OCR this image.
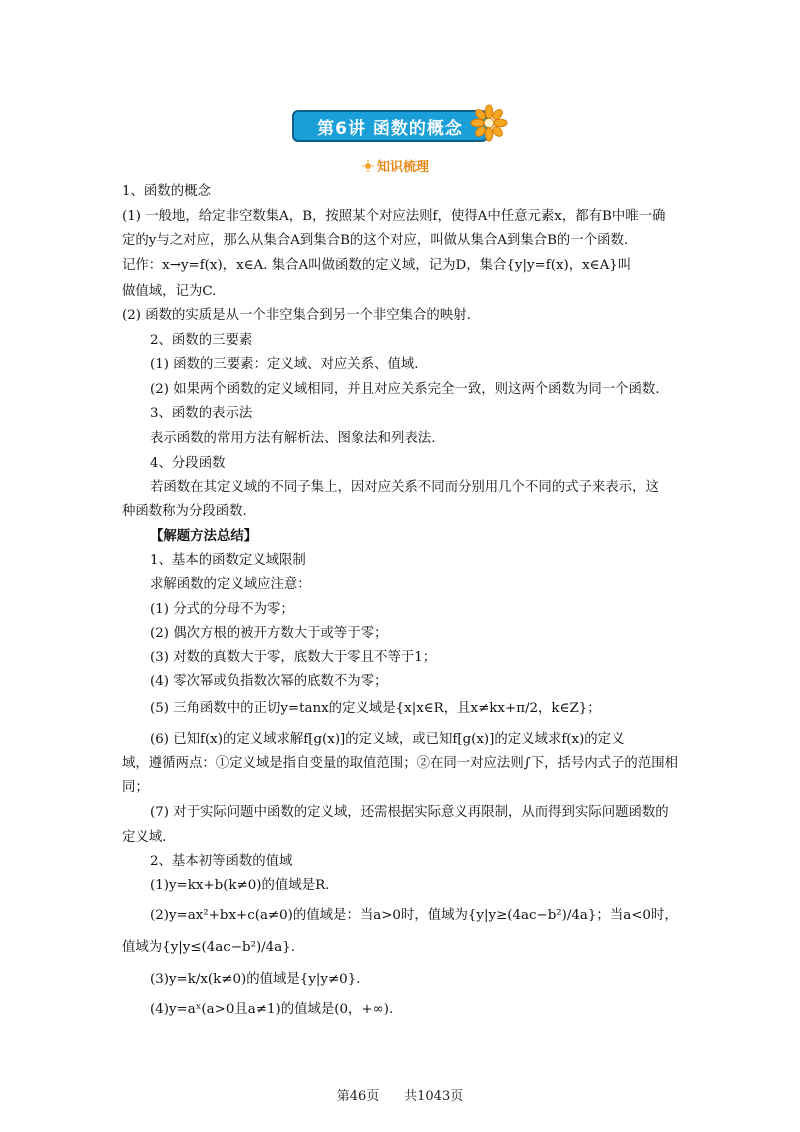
第6讲 函数的概念
知识梳理
1、函数的概念
(1) 一般地，给定非空数集A，B，按照某个对应法则f，使得A中任意元素x，都有B中唯一确
定的y与之对应，那么从集合A到集合B的这个对应，叫做从集合A到集合B的一个函数.
记作：x→y=f(x)，x∈A. 集合A叫做函数的定义域，记为D，集合{y|y=f(x)，x∈A}叫
做值域，记为C.
(2) 函数的实质是从一个非空集合到另一个非空集合的映射.
2、函数的三要素
(1) 函数的三要素：定义域、对应关系、值域.
(2) 如果两个函数的定义域相同，并且对应关系完全一致，则这两个函数为同一个函数.
3、函数的表示法
表示函数的常用方法有解析法、图象法和列表法.
4、分段函数
若函数在其定义域的不同子集上，因对应关系不同而分别用几个不同的式子来表示，这
种函数称为分段函数.
【解题方法总结】
1、基本的函数定义域限制
求解函数的定义域应注意：
(1) 分式的分母不为零；
(2) 偶次方根的被开方数大于或等于零；
(3) 对数的真数大于零，底数大于零且不等于1；
(4) 零次幂或负指数次幂的底数不为零；
(5) 三角函数中的正切y=tanx的定义域是{x|x∈R，且x≠kx+π/2，k∈Z}；
(6) 已知f(x)的定义域求解f[g(x)]的定义域，或已知f[g(x)]的定义域求f(x)的定义
域，遵循两点：①定义域是指自变量的取值范围；②在同一对应法则∫下，括号内式子的范围相
同；
(7) 对于实际问题中函数的定义域，还需根据实际意义再限制，从而得到实际问题函数的
定义域.
2、基本初等函数的值域
(1)y=kx+b(k≠0)的值域是R.
(2)y=ax²+bx+c(a≠0)的值域是：当a>0时，值域为{y|y≥(4ac−b²)/4a}；当a<0时，
值域为{y|y≤(4ac−b²)/4a}.
(3)y=k/x(k≠0)的值域是{y|y≠0}.
(4)y=aˣ(a>0且a≠1)的值域是(0，+∞).
第46页 共1043页
